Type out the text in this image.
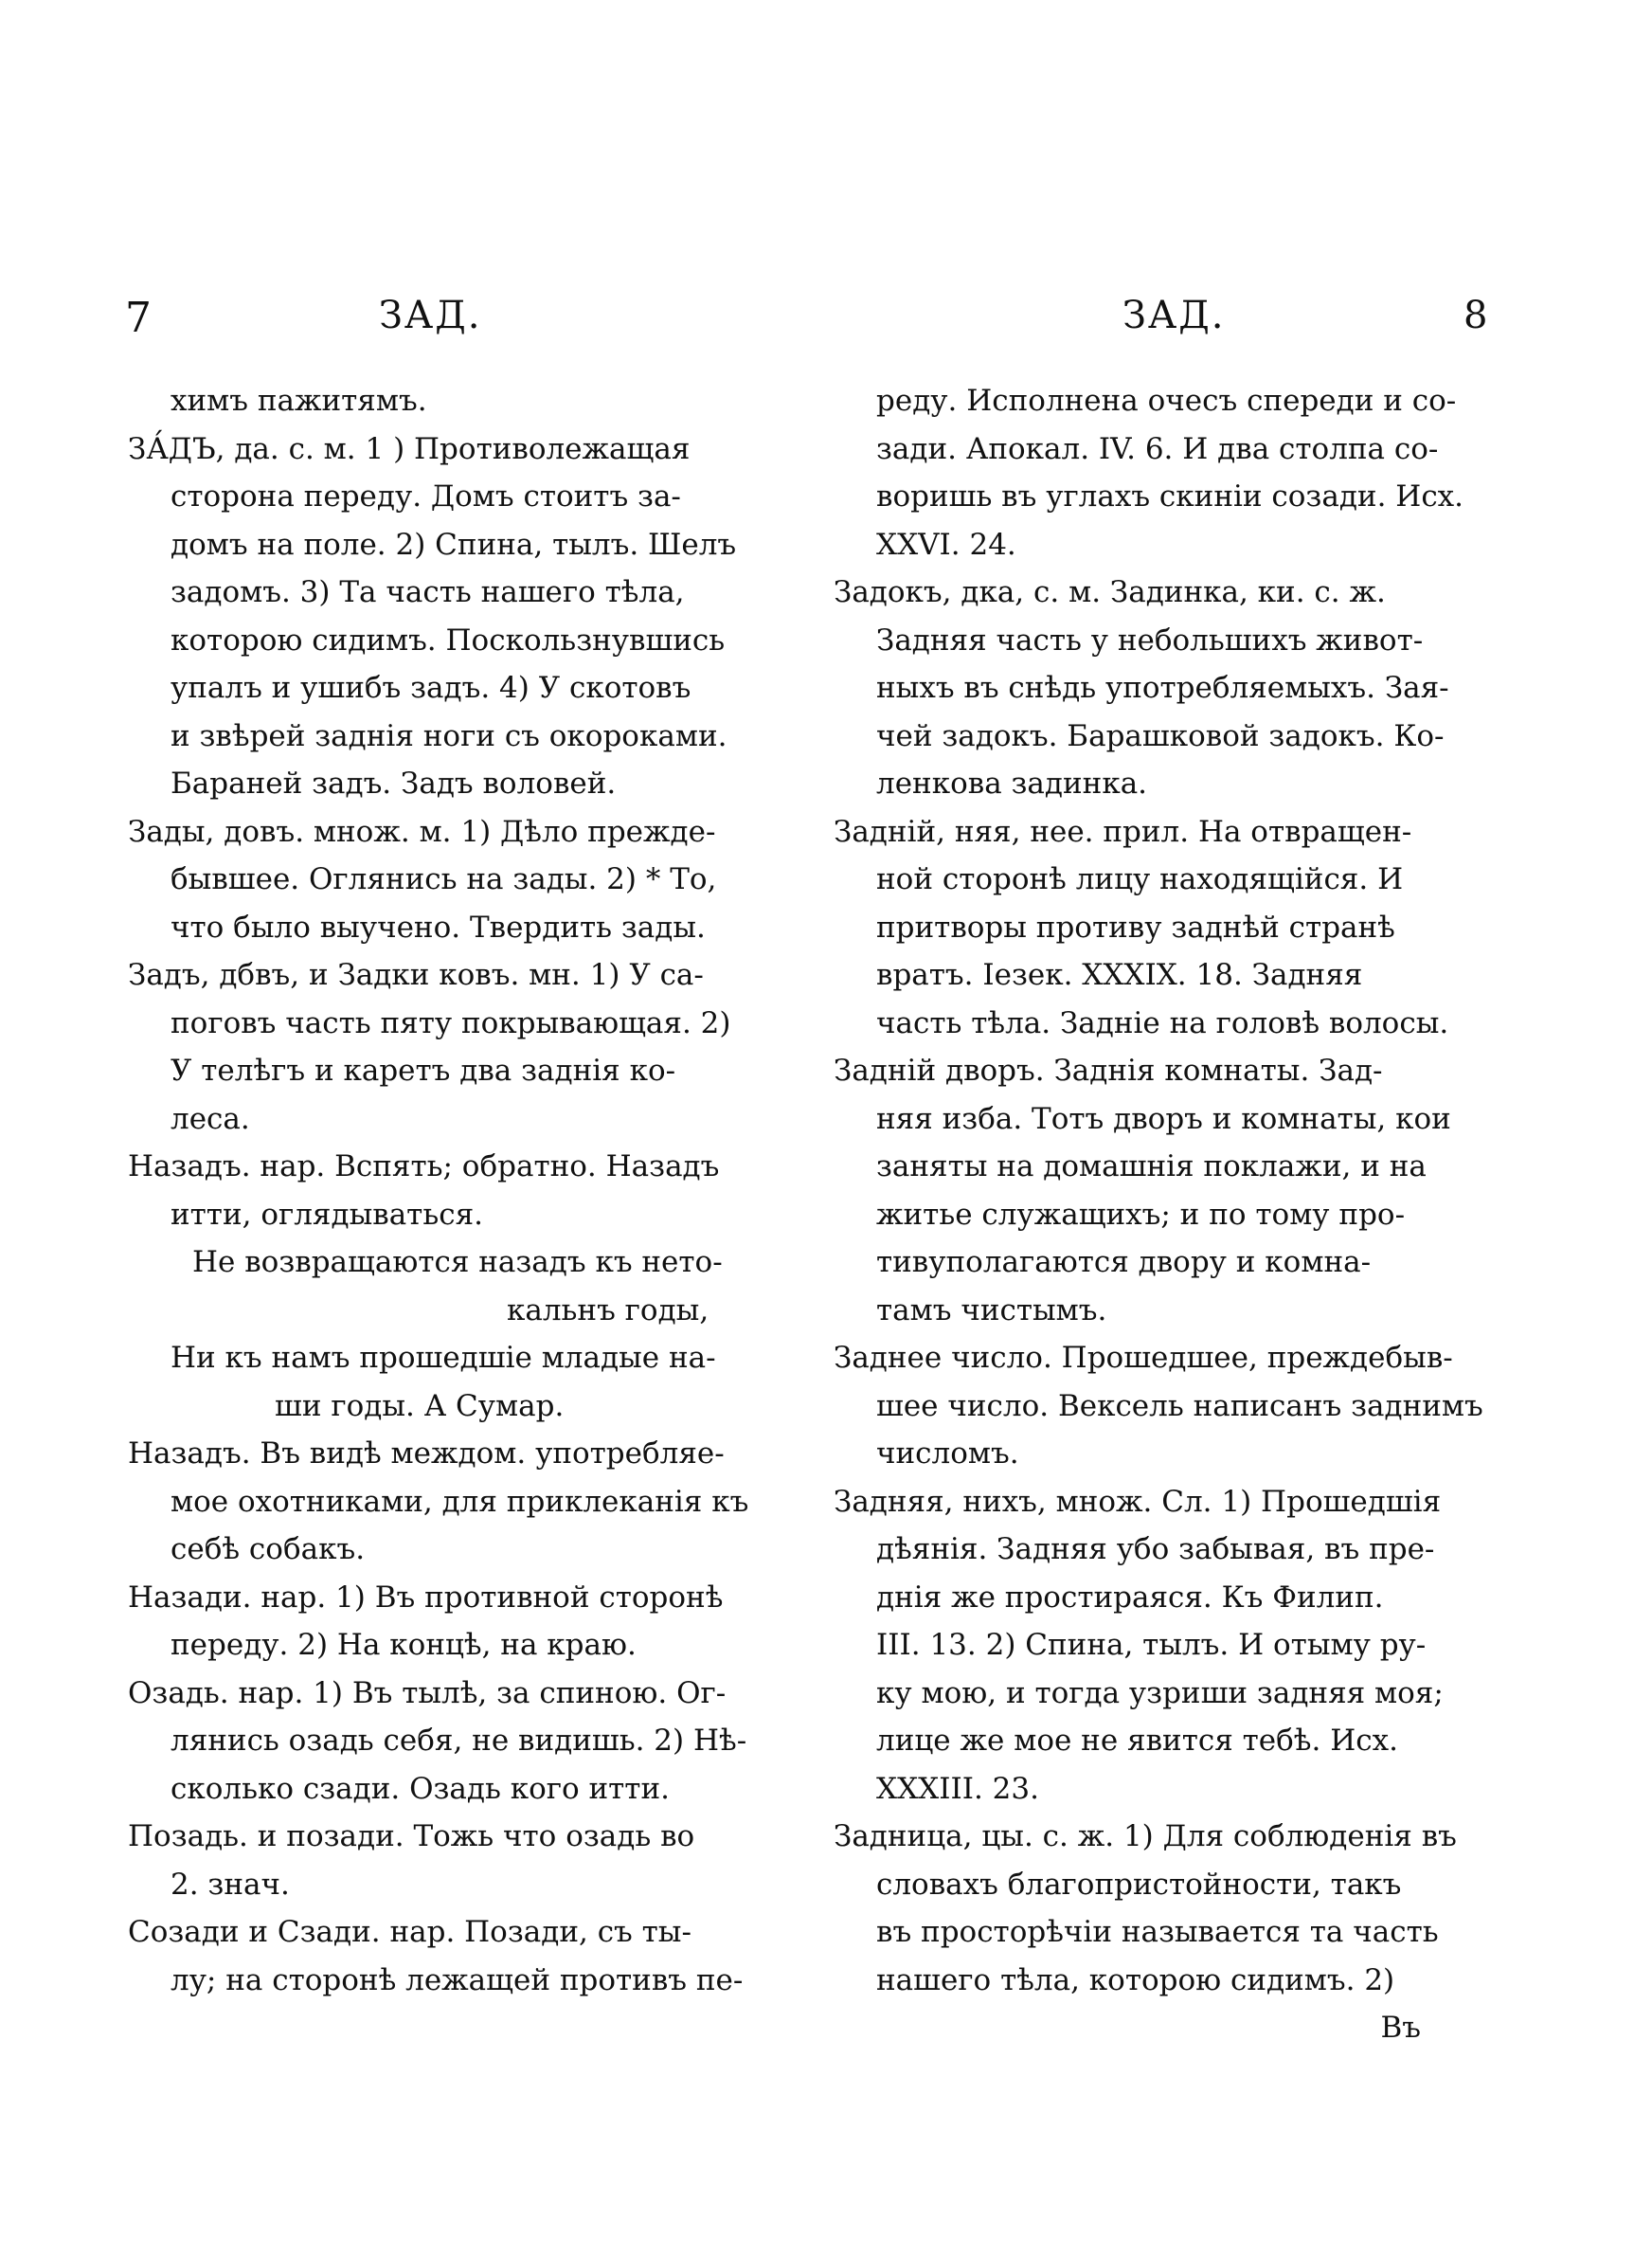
7	ЗАД.	ЗАД.	8
химъ пажитямъ.
ЗА́ДЪ, да. с. м. 1 ) Противолежащая
сторона переду. Домъ стоитъ за-
домъ на поле. 2) Спина, тылъ. Шелъ
задомъ. 3) Та часть нашего тѣла,
которою сидимъ. Поскользнувшись
упалъ и ушибъ задъ. 4) У скотовъ
и звѣрей заднія ноги съ окороками.
Бараней задъ. Задъ воловей.
Зады, довъ. множ. м. 1) Дѣло прежде-
бывшее. Оглянись на зады. 2) * То,
что было выучено. Твердить зады.
Задъ, дбвъ, и Задки ковъ. мн. 1) У са-
поговъ часть пяту покрывающая. 2)
У телѣгъ и каретъ два заднія ко-
леса.
Назадъ. нар. Вспять; обратно. Назадъ
итти, оглядываться.
Не возвращаются назадъ къ нето-
кальнъ годы,
Ни къ намъ прошедшіе младые на-
ши годы. А Сумар.
Назадъ. Въ видѣ междом. употребляе-
мое охотниками, для приклеканія къ
себѣ собакъ.
Назади. нар. 1) Въ противной сторонѣ
переду. 2) На концѣ, на краю.
Озадь. нар. 1) Въ тылѣ, за спиною. Ог-
лянись озадь себя, не видишь. 2) Нѣ-
сколько сзади. Озадь кого итти.
Позадь. и позади. Тожь что озадь во
2. знач.
Созади и Сзади. нар. Позади, съ ты-
лу; на сторонѣ лежащей противъ пе-
реду. Исполнена очесъ спереди и со-
зади. Апокал. IV. 6. И два столпа со-
воришь въ углахъ скиніи созади. Исх.
XXVI. 24.
Задокъ, дка, с. м. Задинка, ки. с. ж.
Задняя часть у небольшихъ живот-
ныхъ въ снѣдь употребляемыхъ. Зая-
чей задокъ. Барашковой задокъ. Ко-
ленкова задинка.
Задній, няя, нее. прил. На отвращен-
ной сторонѣ лицу находящійся. И
притворы противу заднѣй странѣ
вратъ. Іезек. XXXIX. 18. Задняя
часть тѣла. Задніе на головѣ волосы.
Задній дворъ. Заднія комнаты. Зад-
няя изба. Тотъ дворъ и комнаты, кои
заняты на домашнія поклажи, и на
житье служащихъ; и по тому про-
тивуполагаются двору и комна-
тамъ чистымъ.
Заднее число. Прошедшее, преждебыв-
шее число. Вексель написанъ заднимъ
числомъ.
Задняя, нихъ, множ. Сл. 1) Прошедшія
дѣянія. Задняя убо забывая, въ пре-
днія же простираяся. Къ Филип.
III. 13. 2) Спина, тылъ. И отыму ру-
ку мою, и тогда узриши задняя моя;
лице же мое не явится тебѣ. Исх.
XXXIII. 23.
Задница, цы. с. ж. 1) Для соблюденія въ
словахъ благопристойности, такъ
въ просторѣчіи называется та часть
нашего тѣла, которою сидимъ. 2)
Въ
